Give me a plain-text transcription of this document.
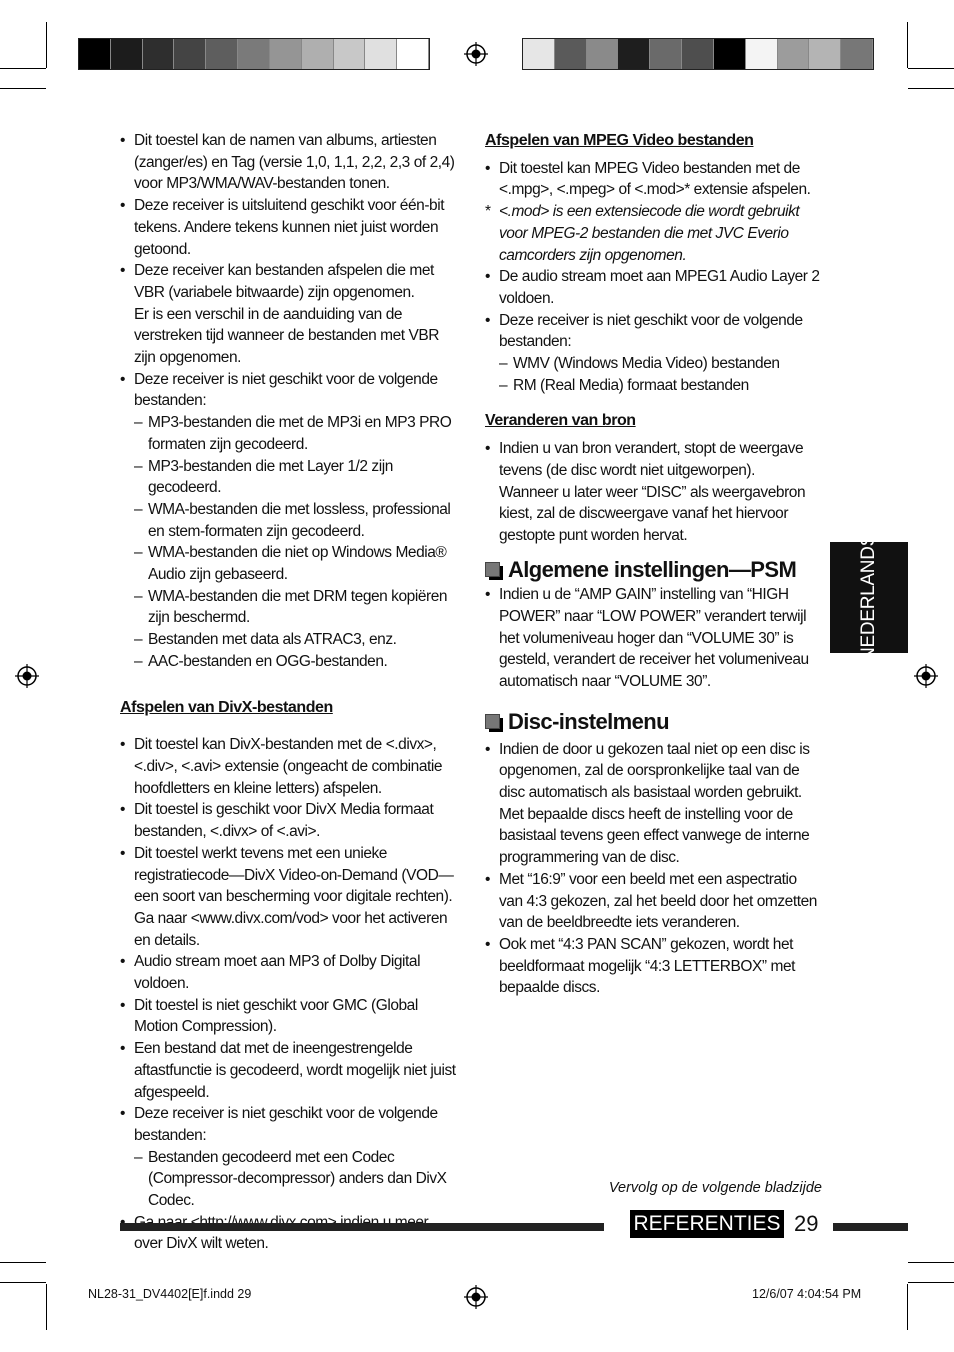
• Dit toestel kan de namen van albums, artiesten (zanger/es) en Tag (versie 1,0, 1,1, 2,2, 2,3 of 2,4) voor MP3/WMA/WAV-bestanden tonen.
• Deze receiver is uitsluitend geschikt voor één-bit tekens. Andere tekens kunnen niet juist worden getoond.
• Deze receiver kan bestanden afspelen die met VBR (variabele bitwaarde) zijn opgenomen.
Er is een verschil in de aanduiding van de verstreken tijd wanneer de bestanden met VBR zijn opgenomen.
• Deze receiver is niet geschikt voor de volgende bestanden:
– MP3-bestanden die met de MP3i en MP3 PRO formaten zijn gecodeerd.
– MP3-bestanden die met Layer 1/2 zijn gecodeerd.
– WMA-bestanden die met lossless, professional en stem-formaten zijn gecodeerd.
– WMA-bestanden die niet op Windows Media® Audio zijn gebaseerd.
– WMA-bestanden die met DRM tegen kopiëren zijn beschermd.
– Bestanden met data als ATRAC3, enz.
– AAC-bestanden en OGG-bestanden.
Afspelen van DivX-bestanden
• Dit toestel kan DivX-bestanden met de <.divx>, <.div>, <.avi> extensie (ongeacht de combinatie hoofdletters en kleine letters) afspelen.
• Dit toestel is geschikt voor DivX Media formaat bestanden, <.divx> of <.avi>.
• Dit toestel werkt tevens met een unieke registratiecode—DivX Video-on-Demand (VOD— een soort van bescherming voor digitale rechten). Ga naar <www.divx.com/vod> voor het activeren en details.
• Audio stream moet aan MP3 of Dolby Digital voldoen.
• Dit toestel is niet geschikt voor GMC (Global Motion Compression).
• Een bestand dat met de ineengestrengelde aftastfunctie is gecodeerd, wordt mogelijk niet juist afgespeeld.
• Deze receiver is niet geschikt voor de volgende bestanden:
– Bestanden gecodeerd met een Codec (Compressor-decompressor) anders dan DivX Codec.
• over DivX wilt weten.
Afspelen van MPEG Video bestanden
• Dit toestel kan MPEG Video bestanden met de <.mpg>, <.mpeg> of <.mod>* extensie afspelen.
* <.mod> is een extensiecode die wordt gebruikt voor MPEG-2 bestanden die met JVC Everio camcorders zijn opgenomen.
• De audio stream moet aan MPEG1 Audio Layer 2 voldoen.
• Deze receiver is niet geschikt voor de volgende bestanden:
– WMV (Windows Media Video) bestanden
– RM (Real Media) formaat bestanden
Veranderen van bron
• Indien u van bron verandert, stopt de weergave tevens (de disc wordt niet uitgeworpen).
Wanneer u later weer “DISC” als weergavebron kiest, zal de discweergave vanaf het hiervoor gestopte punt worden hervat.
Algemene instellingen—PSM
• Indien u de “AMP GAIN” instelling van “HIGH POWER” naar “LOW POWER” verandert terwijl het volumeniveau hoger dan “VOLUME 30” is gesteld, verandert de receiver het volumeniveau automatisch naar “VOLUME 30”.
Disc-instelmenu
• Indien de door u gekozen taal niet op een disc is opgenomen, zal de oorspronkelijke taal van de disc automatisch als basistaal worden gebruikt.
Met bepaalde discs heeft de instelling voor de basistaal tevens geen effect vanwege de interne programmering van de disc.
• Met “16:9” voor een beeld met een aspectratio van 4:3 gekozen, zal het beeld door het omzetten van de beeldbreedte iets veranderen.
• Ook met “4:3 PAN SCAN” gekozen, wordt het beeldformaat mogelijk “4:3 LETTERBOX” met bepaalde discs.
NEDERLANDS
Vervolg op de volgende bladzijde
REFERENTIES 29
NL28-31_DV4402[E]f.indd 29	12/6/07 4:04:54 PM
